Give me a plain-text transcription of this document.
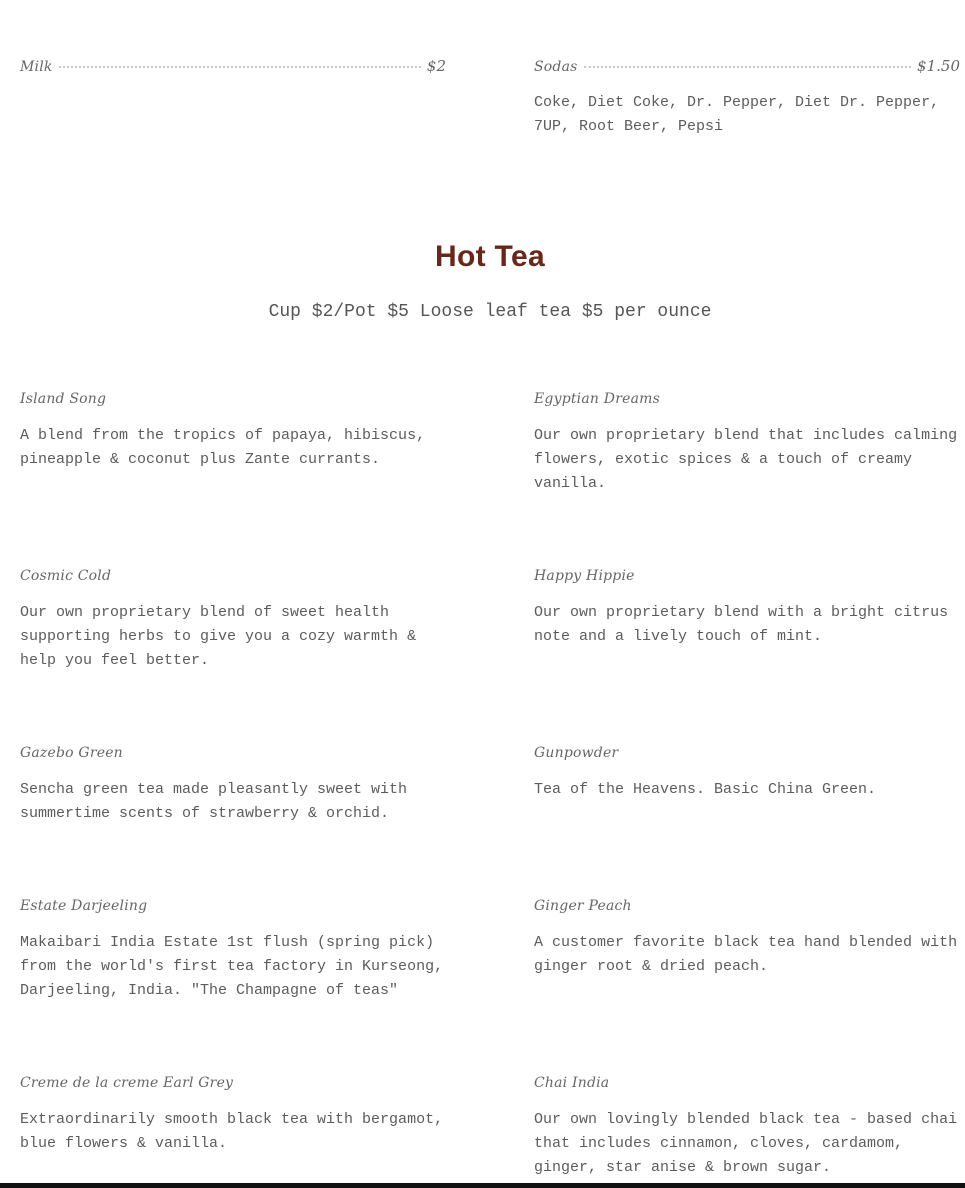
Milk	$2	Sodas	$1.50

Coke, Diet Coke, Dr. Pepper, Diet Dr. Pepper, 7UP, Root Beer, Pepsi

Hot Tea

Cup $2/Pot $5 Loose leaf tea $5 per ounce

Island Song

A blend from the tropics of papaya, hibiscus, pineapple & coconut plus Zante currants.

Egyptian Dreams

Our own proprietary blend that includes calming flowers, exotic spices & a touch of creamy vanilla.

Cosmic Cold

Our own proprietary blend of sweet health supporting herbs to give you a cozy warmth & help you feel better.

Happy Hippie

Our own proprietary blend with a bright citrus note and a lively touch of mint.

Gazebo Green

Sencha green tea made pleasantly sweet with summertime scents of strawberry & orchid.

Gunpowder

Tea of the Heavens. Basic China Green.

Estate Darjeeling

Makaibari India Estate 1st flush (spring pick) from the world's first tea factory in Kurseong, Darjeeling, India. "The Champagne of teas"

Ginger Peach

A customer favorite black tea hand blended with ginger root & dried peach.

Creme de la creme Earl Grey

Extraordinarily smooth black tea with bergamot, blue flowers & vanilla.

Chai India

Our own lovingly blended black tea - based chai that includes cinnamon, cloves, cardamom, ginger, star anise & brown sugar.
